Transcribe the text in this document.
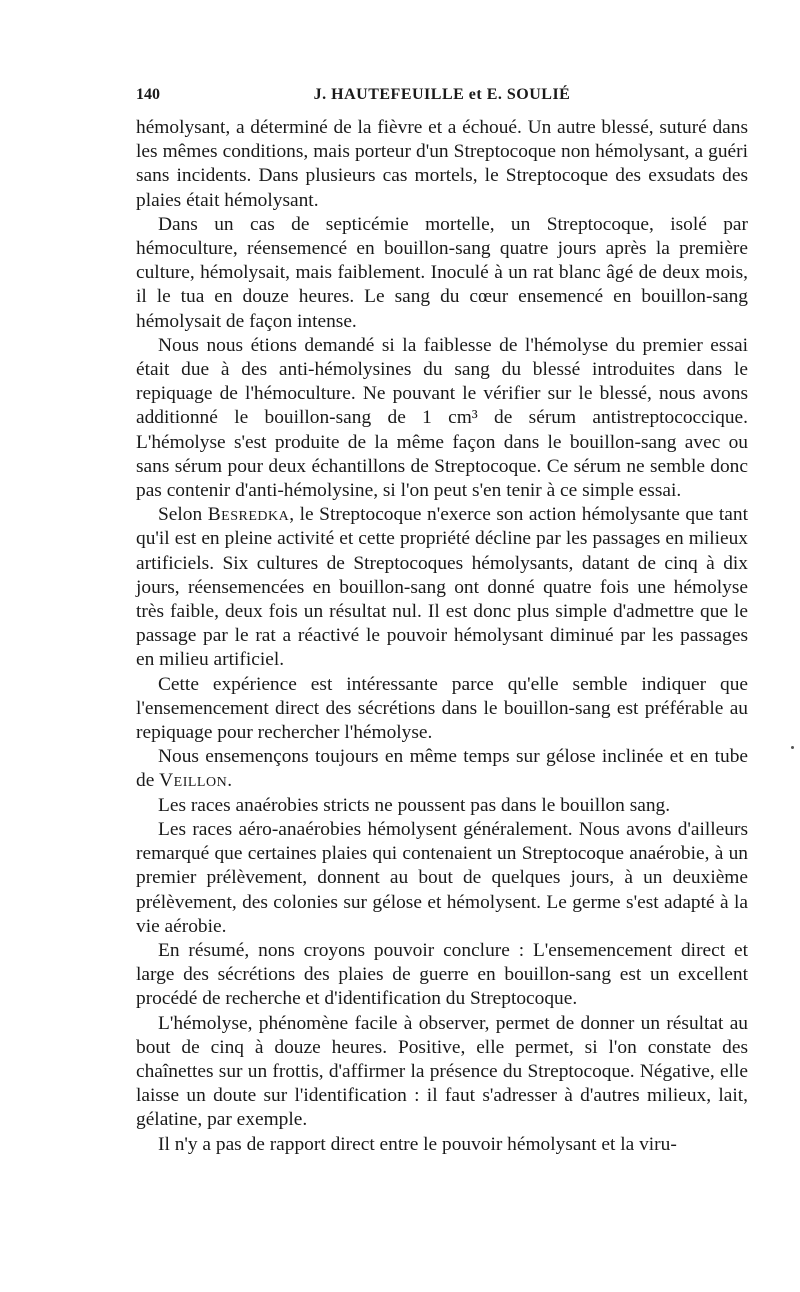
140	J. HAUTEFEUILLE et E. SOULIÉ

hémolysant, a déterminé de la fièvre et a échoué. Un autre blessé, suturé dans les mêmes conditions, mais porteur d'un Streptocoque non hémolysant, a guéri sans incidents. Dans plusieurs cas mortels, le Streptocoque des exsudats des plaies était hémolysant.

Dans un cas de septicémie mortelle, un Streptocoque, isolé par hémoculture, réensemencé en bouillon-sang quatre jours après la première culture, hémolysait, mais faiblement. Inoculé à un rat blanc âgé de deux mois, il le tua en douze heures. Le sang du cœur ensemencé en bouillon-sang hémolysait de façon intense.

Nous nous étions demandé si la faiblesse de l'hémolyse du premier essai était due à des anti-hémolysines du sang du blessé introduites dans le repiquage de l'hémoculture. Ne pouvant le vérifier sur le blessé, nous avons additionné le bouillon-sang de 1 cm³ de sérum antistreptococcique. L'hémolyse s'est produite de la même façon dans le bouillon-sang avec ou sans sérum pour deux échantillons de Streptocoque. Ce sérum ne semble donc pas contenir d'anti-hémolysine, si l'on peut s'en tenir à ce simple essai.

Selon Besredka, le Streptocoque n'exerce son action hémolysante que tant qu'il est en pleine activité et cette propriété décline par les passages en milieux artificiels. Six cultures de Streptocoques hémolysants, datant de cinq à dix jours, réensemencées en bouillon-sang ont donné quatre fois une hémolyse très faible, deux fois un résultat nul. Il est donc plus simple d'admettre que le passage par le rat a réactivé le pouvoir hémolysant diminué par les passages en milieu artificiel.

Cette expérience est intéressante parce qu'elle semble indiquer que l'ensemencement direct des sécrétions dans le bouillon-sang est préférable au repiquage pour rechercher l'hémolyse.

Nous ensemençons toujours en même temps sur gélose inclinée et en tube de Veillon.

Les races anaérobies stricts ne poussent pas dans le bouillon sang.

Les races aéro-anaérobies hémolysent généralement. Nous avons d'ailleurs remarqué que certaines plaies qui contenaient un Streptocoque anaérobie, à un premier prélèvement, donnent au bout de quelques jours, à un deuxième prélèvement, des colonies sur gélose et hémolysent. Le germe s'est adapté à la vie aérobie.

En résumé, nons croyons pouvoir conclure : L'ensemencement direct et large des sécrétions des plaies de guerre en bouillon-sang est un excellent procédé de recherche et d'identification du Streptocoque.

L'hémolyse, phénomène facile à observer, permet de donner un résultat au bout de cinq à douze heures. Positive, elle permet, si l'on constate des chaînettes sur un frottis, d'affirmer la présence du Streptocoque. Négative, elle laisse un doute sur l'identification : il faut s'adresser à d'autres milieux, lait, gélatine, par exemple.

Il n'y a pas de rapport direct entre le pouvoir hémolysant et la viru-
